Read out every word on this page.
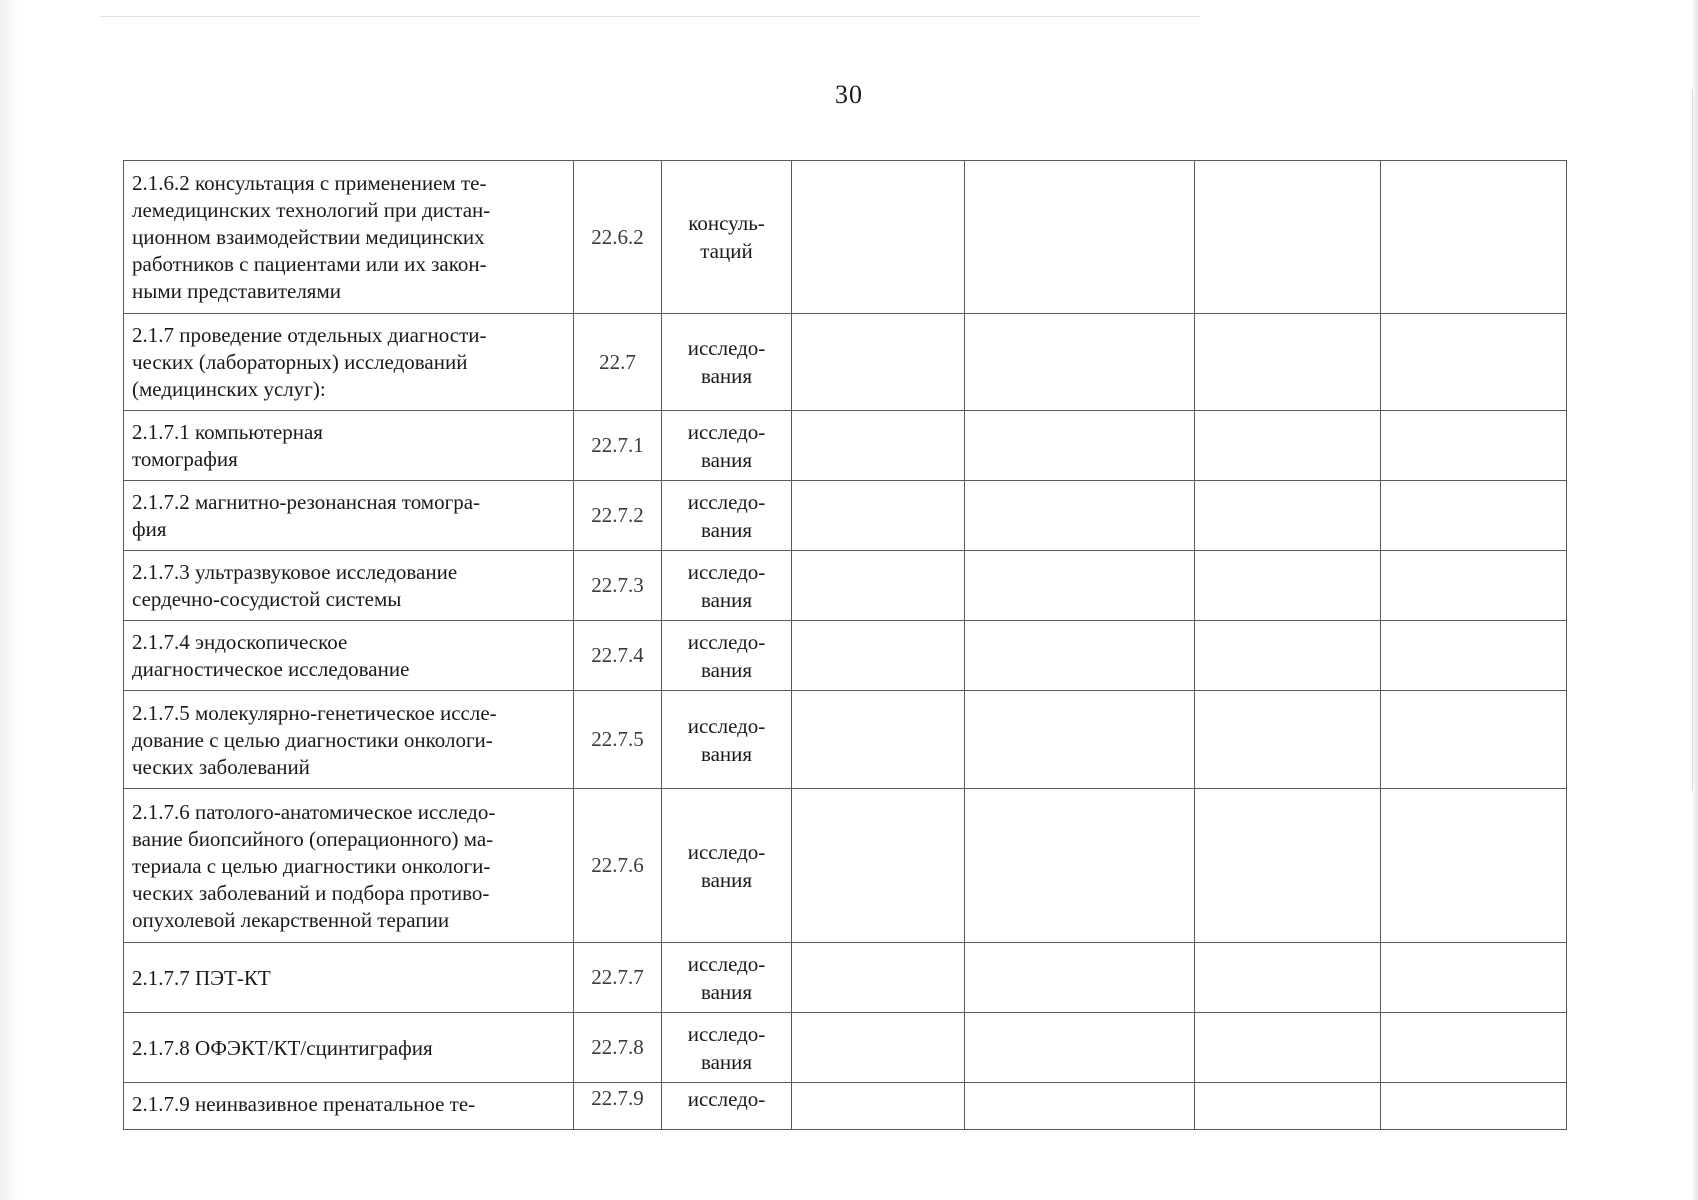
30
2.1.6.2 консультация с применением те-
лемедицинских технологий при дистан-
ционном взаимодействии медицинских
работников с пациентами или их закон-
ными представителями	22.6.2	консуль-
таций				
2.1.7 проведение отдельных диагности-
ческих (лабораторных) исследований
(медицинских услуг):	22.7	исследо-
вания				
2.1.7.1 компьютерная
томография	22.7.1	исследо-
вания				
2.1.7.2 магнитно-резонансная томогра-
фия	22.7.2	исследо-
вания				
2.1.7.3 ультразвуковое исследование
сердечно-сосудистой системы	22.7.3	исследо-
вания				
2.1.7.4 эндоскопическое
диагностическое исследование	22.7.4	исследо-
вания				
2.1.7.5 молекулярно-генетическое иссле-
дование с целью диагностики онкологи-
ческих заболеваний	22.7.5	исследо-
вания				
2.1.7.6 патолого-анатомическое исследо-
вание биопсийного (операционного) ма-
териала с целью диагностики онкологи-
ческих заболеваний и подбора противо-
опухолевой лекарственной терапии	22.7.6	исследо-
вания				
2.1.7.7 ПЭТ-КТ	22.7.7	исследо-
вания				
2.1.7.8 ОФЭКТ/КТ/сцинтиграфия	22.7.8	исследо-
вания				
2.1.7.9 неинвазивное пренатальное те-	22.7.9	исследо-				
